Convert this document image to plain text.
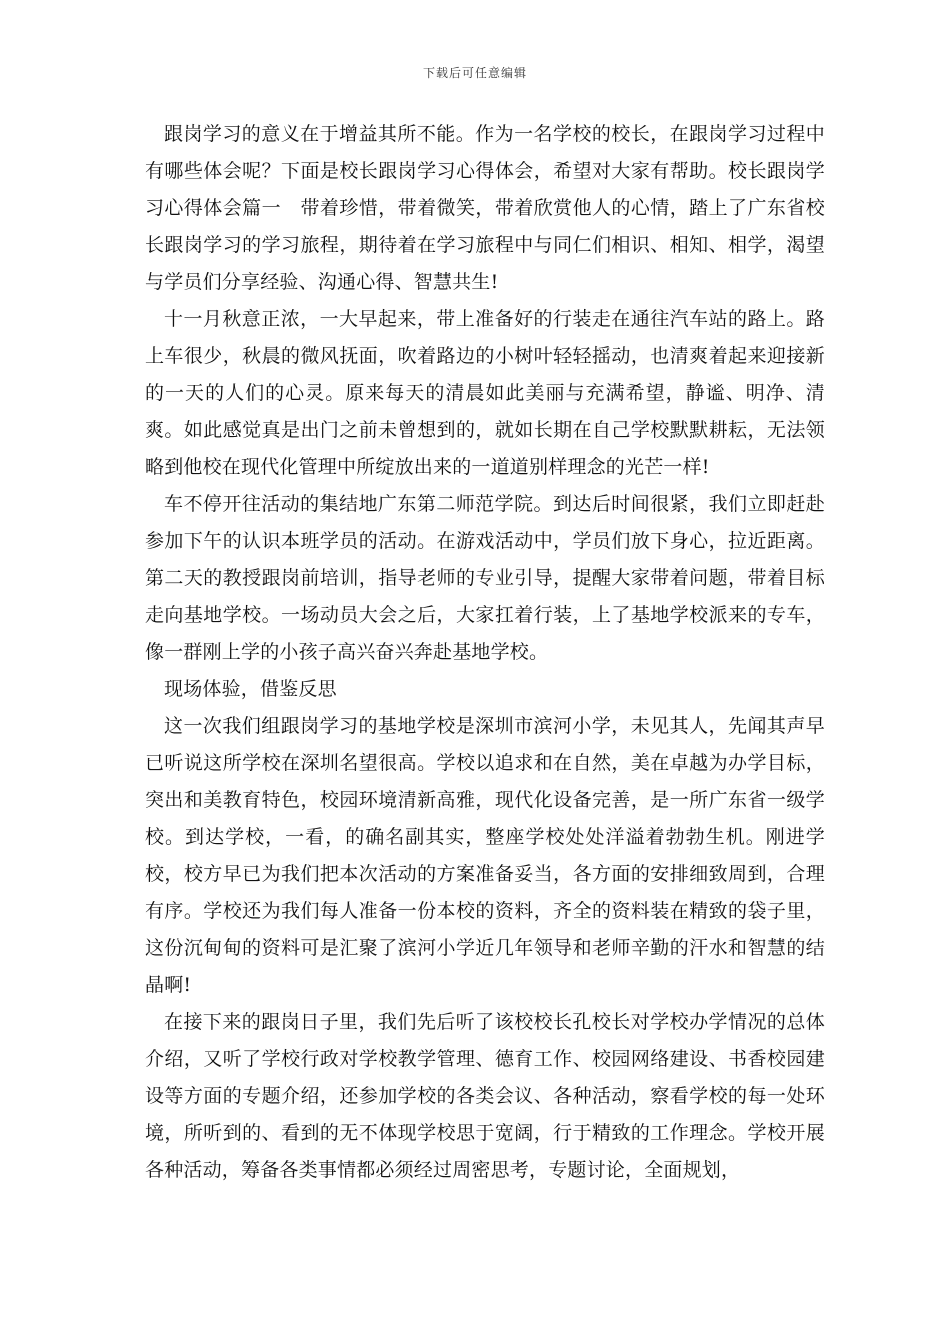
下载后可任意编辑

跟岗学习的意义在于增益其所不能。作为一名学校的校长，在跟岗学习过程中有哪些体会呢？下面是校长跟岗学习心得体会，希望对大家有帮助。校长跟岗学习心得体会篇一　带着珍惜，带着微笑，带着欣赏他人的心情，踏上了广东省校长跟岗学习的学习旅程，期待着在学习旅程中与同仁们相识、相知、相学，渴望与学员们分享经验、沟通心得、智慧共生!

十一月秋意正浓，一大早起来，带上准备好的行装走在通往汽车站的路上。路上车很少，秋晨的微风抚面，吹着路边的小树叶轻轻摇动，也清爽着起来迎接新的一天的人们的心灵。原来每天的清晨如此美丽与充满希望，静谧、明净、清爽。如此感觉真是出门之前未曾想到的，就如长期在自己学校默默耕耘，无法领略到他校在现代化管理中所绽放出来的一道道别样理念的光芒一样!

车不停开往活动的集结地广东第二师范学院。到达后时间很紧，我们立即赶赴参加下午的认识本班学员的活动。在游戏活动中，学员们放下身心，拉近距离。第二天的教授跟岗前培训，指导老师的专业引导，提醒大家带着问题，带着目标走向基地学校。一场动员大会之后，大家扛着行装，上了基地学校派来的专车，像一群刚上学的小孩子高兴奋兴奔赴基地学校。

现场体验，借鉴反思

这一次我们组跟岗学习的基地学校是深圳市滨河小学，未见其人，先闻其声早已听说这所学校在深圳名望很高。学校以追求和在自然，美在卓越为办学目标，突出和美教育特色，校园环境清新高雅，现代化设备完善，是一所广东省一级学校。到达学校，一看，的确名副其实，整座学校处处洋溢着勃勃生机。刚进学校，校方早已为我们把本次活动的方案准备妥当，各方面的安排细致周到，合理有序。学校还为我们每人准备一份本校的资料，齐全的资料装在精致的袋子里，这份沉甸甸的资料可是汇聚了滨河小学近几年领导和老师辛勤的汗水和智慧的结晶啊!

在接下来的跟岗日子里，我们先后听了该校校长孔校长对学校办学情况的总体介绍，又听了学校行政对学校教学管理、德育工作、校园网络建设、书香校园建设等方面的专题介绍，还参加学校的各类会议、各种活动，察看学校的每一处环境，所听到的、看到的无不体现学校思于宽阔，行于精致的工作理念。学校开展各种活动，筹备各类事情都必须经过周密思考，专题讨论，全面规划，
